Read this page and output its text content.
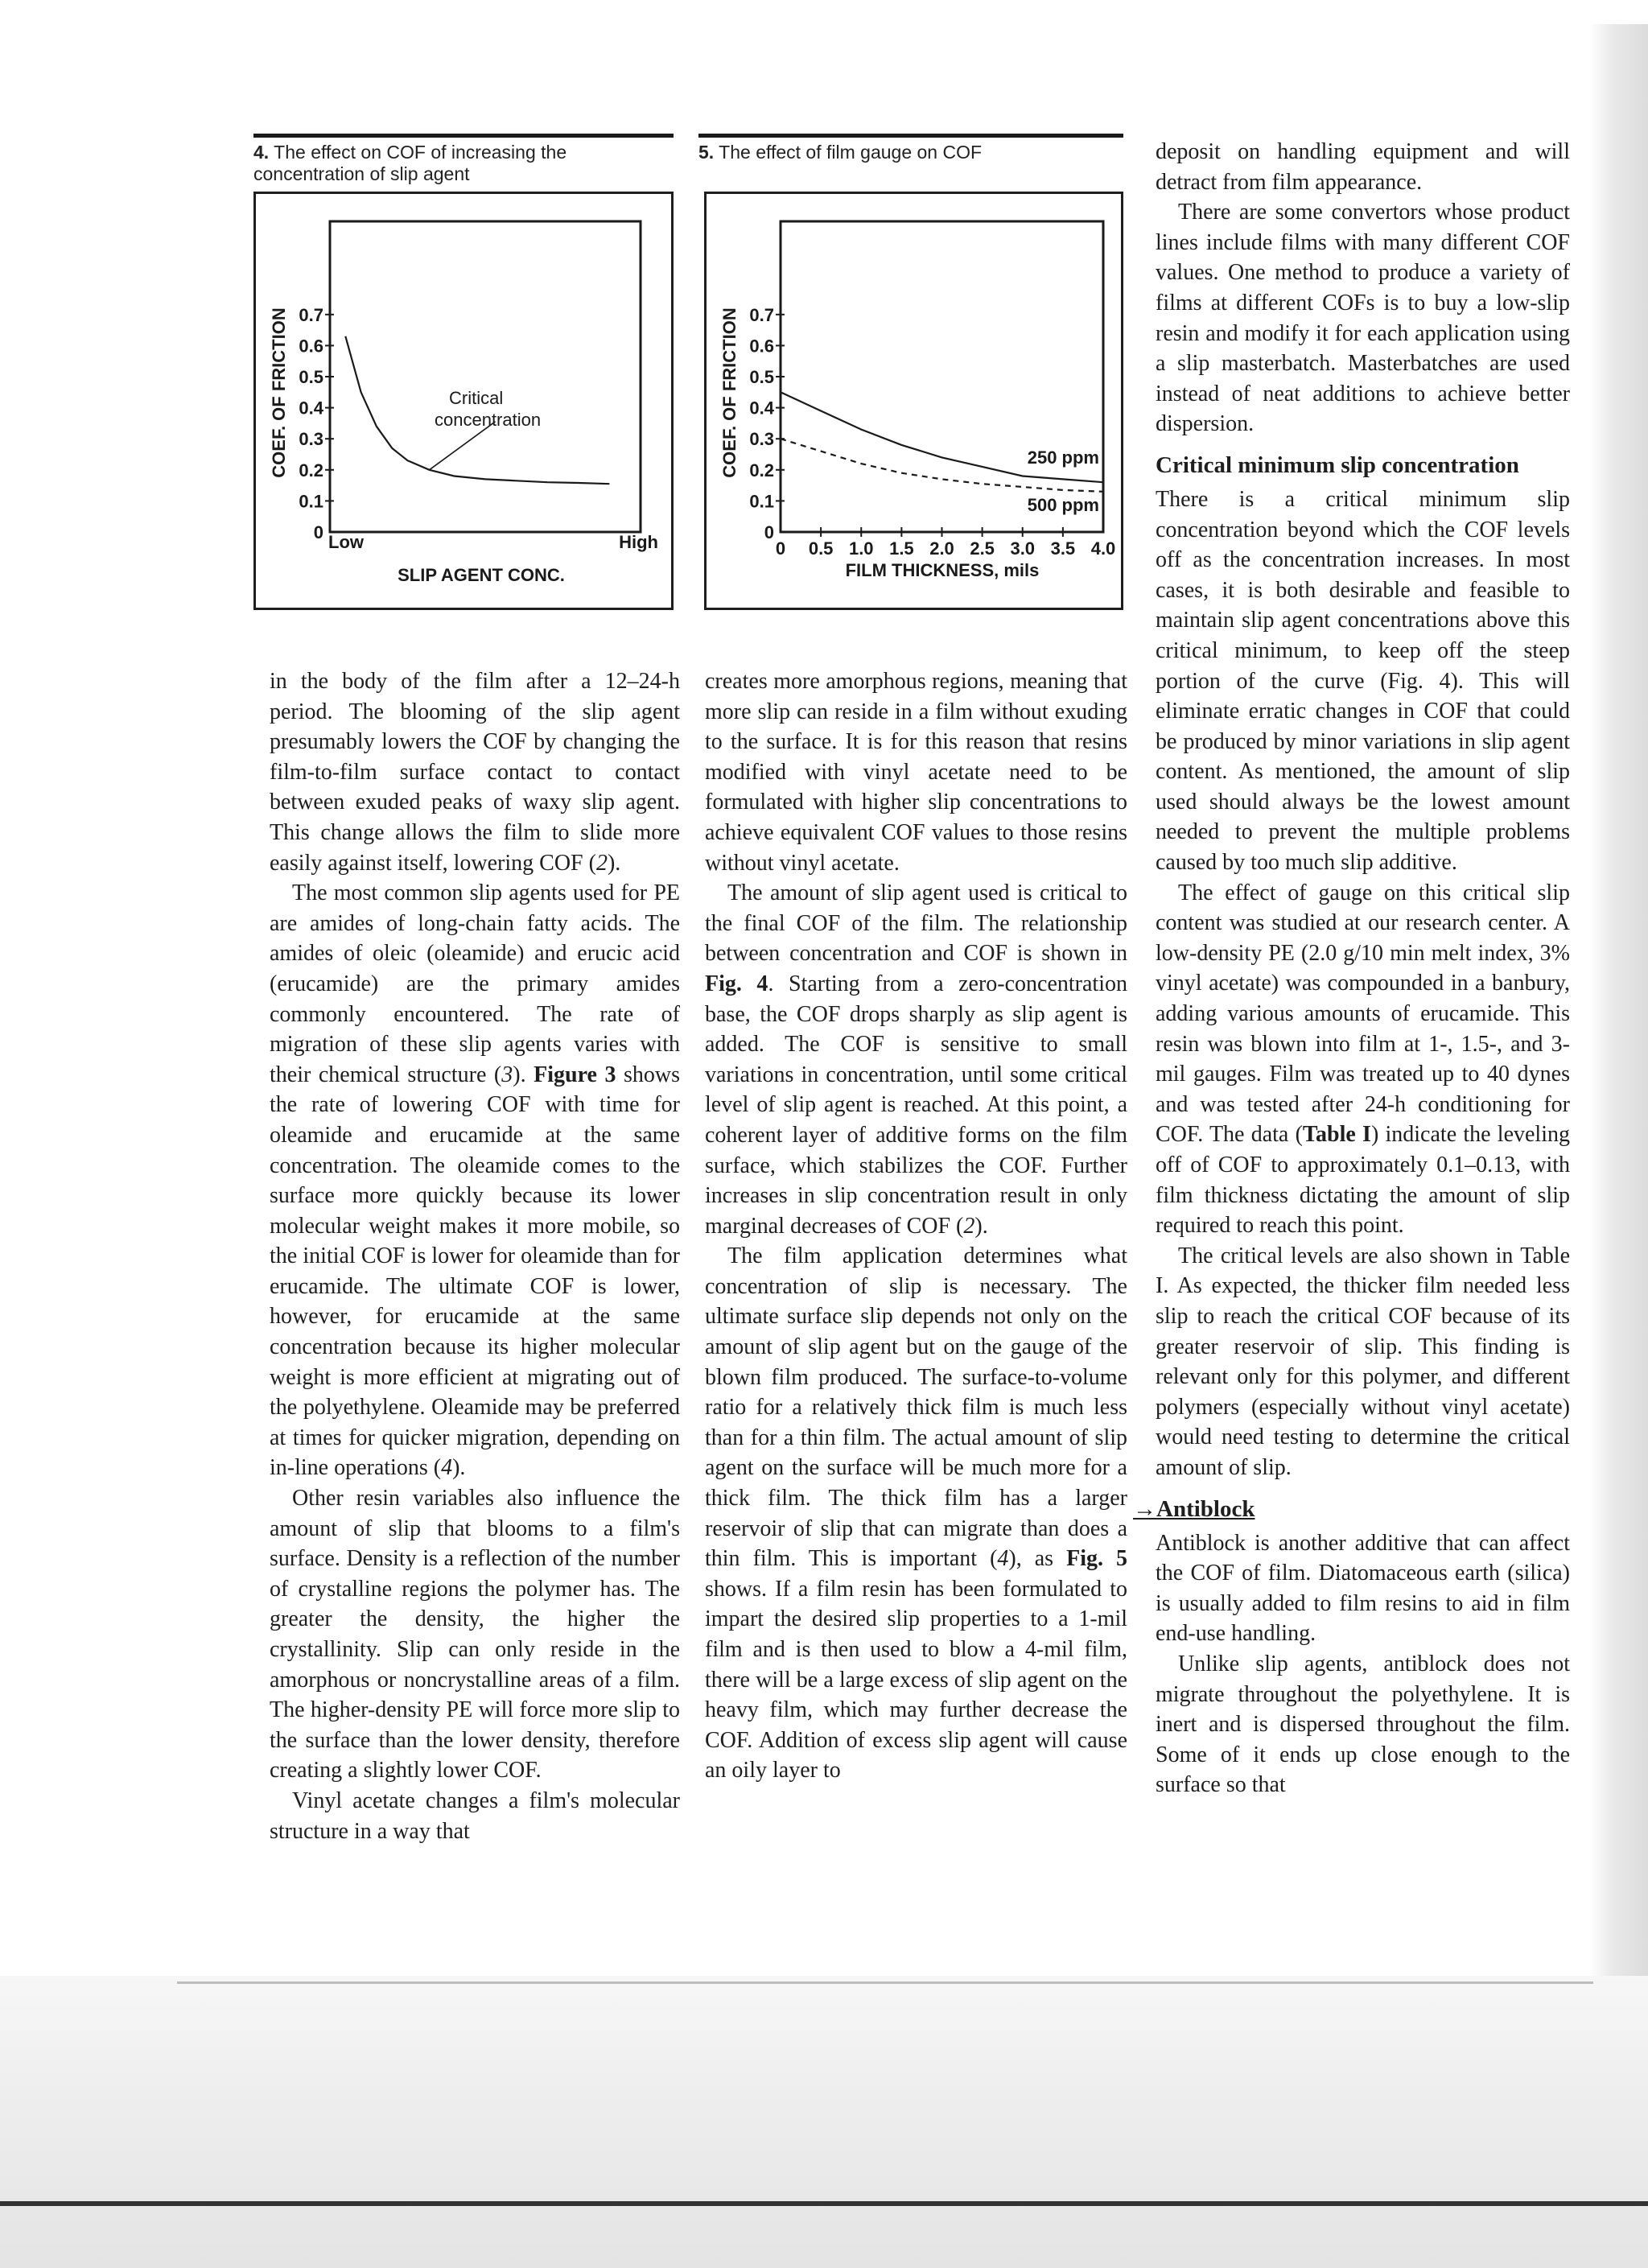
4. The effect on COF of increasing the concentration of slip agent

0
0.1
0.2
0.3
0.4
0.5
0.6
0.7
Low	High
COEF. OF FRICTION
SLIP AGENT CONC.
Critical
concentration

5. The effect of film gauge on COF

0
0.1
0.2
0.3
0.4
0.5
0.6
0.7
0 0.5 1.0 1.5 2.0 2.5 3.0 3.5 4.0
COEF. OF FRICTION
FILM THICKNESS, mils
250 ppm
500 ppm

in the body of the film after a 12–24-h period. The blooming of the slip agent presumably lowers the COF by changing the film-to-film surface contact to contact between exuded peaks of waxy slip agent. This change allows the film to slide more easily against itself, lowering COF (2).

The most common slip agents used for PE are amides of long-chain fatty acids. The amides of oleic (oleamide) and erucic acid (erucamide) are the primary amides commonly encountered. The rate of migration of these slip agents varies with their chemical structure (3). Figure 3 shows the rate of lowering COF with time for oleamide and erucamide at the same concentration. The oleamide comes to the surface more quickly because its lower molecular weight makes it more mobile, so the initial COF is lower for oleamide than for erucamide. The ultimate COF is lower, however, for erucamide at the same concentration because its higher molecular weight is more efficient at migrating out of the polyethylene. Oleamide may be preferred at times for quicker migration, depending on in-line operations (4).

Other resin variables also influence the amount of slip that blooms to a film's surface. Density is a reflection of the number of crystalline regions the polymer has. The greater the density, the higher the crystallinity. Slip can only reside in the amorphous or noncrystalline areas of a film. The higher-density PE will force more slip to the surface than the lower density, therefore creating a slightly lower COF.

Vinyl acetate changes a film's molecular structure in a way that

creates more amorphous regions, meaning that more slip can reside in a film without exuding to the surface. It is for this reason that resins modified with vinyl acetate need to be formulated with higher slip concentrations to achieve equivalent COF values to those resins without vinyl acetate.

The amount of slip agent used is critical to the final COF of the film. The relationship between concentration and COF is shown in Fig. 4. Starting from a zero-concentration base, the COF drops sharply as slip agent is added. The COF is sensitive to small variations in concentration, until some critical level of slip agent is reached. At this point, a coherent layer of additive forms on the film surface, which stabilizes the COF. Further increases in slip concentration result in only marginal decreases of COF (2).

The film application determines what concentration of slip is necessary. The ultimate surface slip depends not only on the amount of slip agent but on the gauge of the blown film produced. The surface-to-volume ratio for a relatively thick film is much less than for a thin film. The actual amount of slip agent on the surface will be much more for a thick film. The thick film has a larger reservoir of slip that can migrate than does a thin film. This is important (4), as Fig. 5 shows. If a film resin has been formulated to impart the desired slip properties to a 1-mil film and is then used to blow a 4-mil film, there will be a large excess of slip agent on the heavy film, which may further decrease the COF. Addition of excess slip agent will cause an oily layer to

deposit on handling equipment and will detract from film appearance.

There are some convertors whose product lines include films with many different COF values. One method to produce a variety of films at different COFs is to buy a low-slip resin and modify it for each application using a slip masterbatch. Masterbatches are used instead of neat additions to achieve better dispersion.

Critical minimum slip concentration

There is a critical minimum slip concentration beyond which the COF levels off as the concentration increases. In most cases, it is both desirable and feasible to maintain slip agent concentrations above this critical minimum, to keep off the steep portion of the curve (Fig. 4). This will eliminate erratic changes in COF that could be produced by minor variations in slip agent content. As mentioned, the amount of slip used should always be the lowest amount needed to prevent the multiple problems caused by too much slip additive.

The effect of gauge on this critical slip content was studied at our research center. A low-density PE (2.0 g/10 min melt index, 3% vinyl acetate) was compounded in a banbury, adding various amounts of erucamide. This resin was blown into film at 1-, 1.5-, and 3-mil gauges. Film was treated up to 40 dynes and was tested after 24-h conditioning for COF. The data (Table I) indicate the leveling off of COF to approximately 0.1–0.13, with film thickness dictating the amount of slip required to reach this point.

The critical levels are also shown in Table I. As expected, the thicker film needed less slip to reach the critical COF because of its greater reservoir of slip. This finding is relevant only for this polymer, and different polymers (especially without vinyl acetate) would need testing to determine the critical amount of slip.

→Antiblock

Antiblock is another additive that can affect the COF of film. Diatomaceous earth (silica) is usually added to film resins to aid in film end-use handling.

Unlike slip agents, antiblock does not migrate throughout the polyethylene. It is inert and is dispersed throughout the film. Some of it ends up close enough to the surface so that
